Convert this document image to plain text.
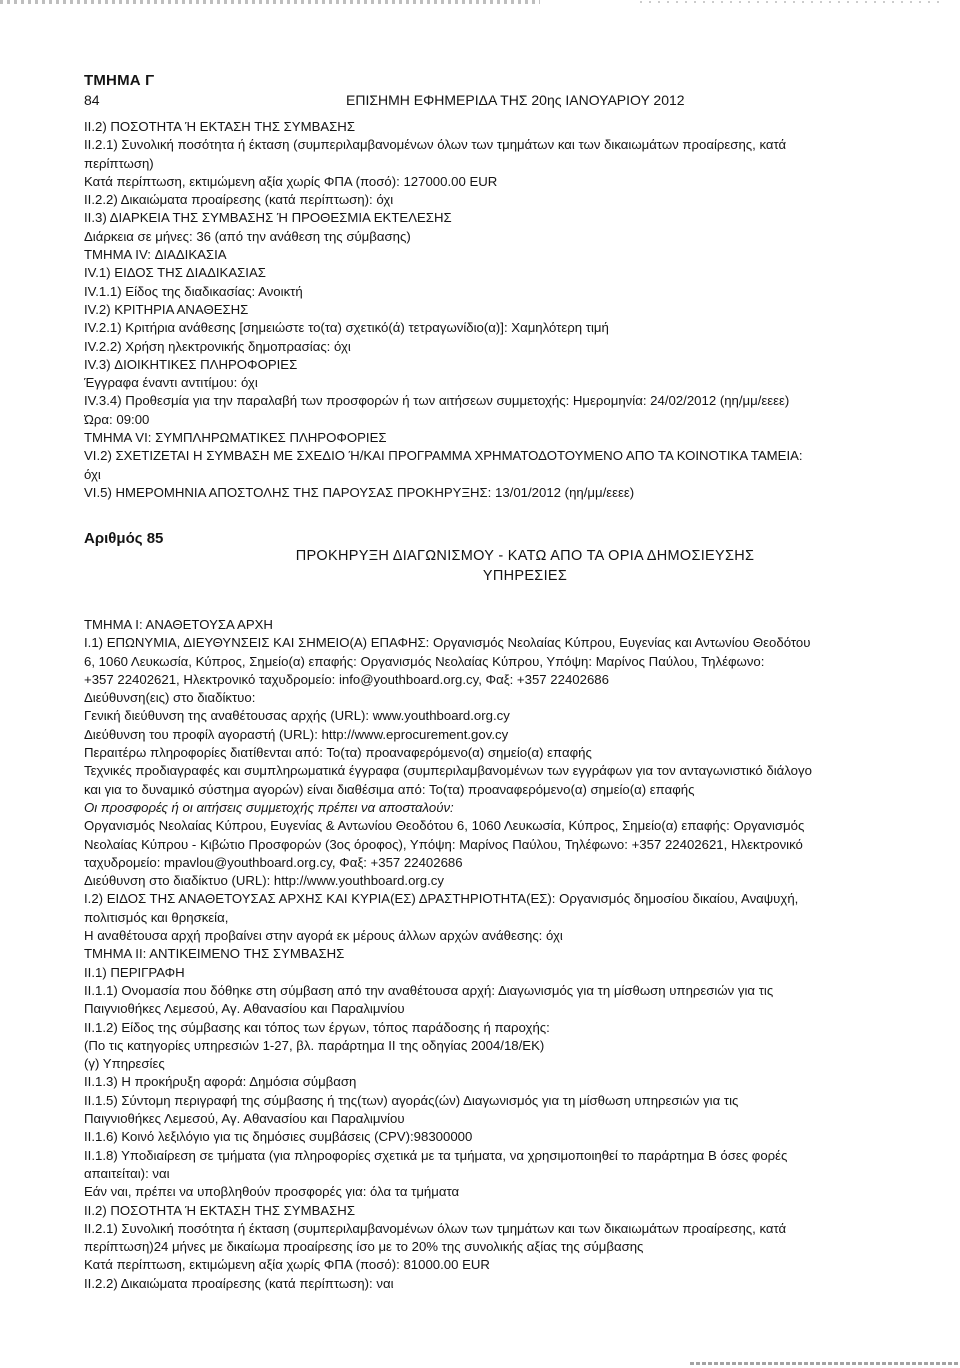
ΤΜΗΜΑ Γ
84	ΕΠΙΣΗΜΗ ΕΦΗΜΕΡΙΔΑ ΤΗΣ 20ης ΙΑΝΟΥΑΡΙΟΥ 2012
ΙΙ.2) ΠΟΣΟΤΗΤΑ Ή ΕΚΤΑΣΗ ΤΗΣ ΣΥΜΒΑΣΗΣ
ΙΙ.2.1) Συνολική ποσότητα ή έκταση (συμπεριλαμβανομένων όλων των τμημάτων και των δικαιωμάτων προαίρεσης, κατά
περίπτωση)
Κατά περίπτωση, εκτιμώμενη αξία χωρίς ΦΠΑ (ποσό): 127000.00 EUR
ΙΙ.2.2) Δικαιώματα προαίρεσης (κατά περίπτωση): όχι
ΙΙ.3) ΔΙΑΡΚΕΙΑ ΤΗΣ ΣΥΜΒΑΣΗΣ Ή ΠΡΟΘΕΣΜΙΑ ΕΚΤΕΛΕΣΗΣ
Διάρκεια σε μήνες: 36 (από την ανάθεση της σύμβασης)
ΤΜΗΜΑ IV: ΔΙΑΔΙΚΑΣΙΑ
IV.1) ΕΙΔΟΣ ΤΗΣ ΔΙΑΔΙΚΑΣΙΑΣ
IV.1.1) Είδος της διαδικασίας: Ανοικτή
IV.2) ΚΡΙΤΗΡΙΑ ΑΝΑΘΕΣΗΣ
IV.2.1) Κριτήρια ανάθεσης [σημειώστε το(τα) σχετικό(ά) τετραγωνίδιο(α)]: Χαμηλότερη τιμή
IV.2.2) Χρήση ηλεκτρονικής δημοπρασίας: όχι
IV.3) ΔΙΟΙΚΗΤΙΚΕΣ ΠΛΗΡΟΦΟΡΙΕΣ
Έγγραφα έναντι αντιτίμου: όχι
IV.3.4) Προθεσμία για την παραλαβή των προσφορών ή των αιτήσεων συμμετοχής: Ημερομηνία: 24/02/2012 (ηη/μμ/εεεε)
Ώρα: 09:00
ΤΜΗΜΑ VI: ΣΥΜΠΛΗΡΩΜΑΤΙΚΕΣ ΠΛΗΡΟΦΟΡΙΕΣ
VI.2) ΣΧΕΤΙΖΕΤΑΙ Η ΣΥΜΒΑΣΗ ΜΕ ΣΧΕΔΙΟ Ή/ΚΑΙ ΠΡΟΓΡΑΜΜΑ ΧΡΗΜΑΤΟΔΟΤΟΥΜΕΝΟ ΑΠΟ ΤΑ ΚΟΙΝΟΤΙΚΑ ΤΑΜΕΙΑ:
όχι
VI.5) ΗΜΕΡΟΜΗΝΙΑ ΑΠΟΣΤΟΛΗΣ ΤΗΣ ΠΑΡΟΥΣΑΣ ΠΡΟΚΗΡΥΞΗΣ: 13/01/2012 (ηη/μμ/εεεε)
Αριθμός 85
ΠΡΟΚΗΡΥΞΗ ΔΙΑΓΩΝΙΣΜΟΥ - ΚΑΤΩ ΑΠΟ ΤΑ ΟΡΙΑ ΔΗΜΟΣΙΕΥΣΗΣ
ΥΠΗΡΕΣΙΕΣ
ΤΜΗΜΑ Ι: ΑΝΑΘΕΤΟΥΣΑ ΑΡΧΗ
Ι.1) ΕΠΩΝΥΜΙΑ, ΔΙΕΥΘΥΝΣΕΙΣ ΚΑΙ ΣΗΜΕΙΟ(Α) ΕΠΑΦΗΣ: Οργανισμός Νεολαίας Κύπρου, Ευγενίας και Αντωνίου Θεοδότου
6, 1060 Λευκωσία, Κύπρος, Σημείο(α) επαφής: Οργανισμός Νεολαίας Κύπρου, Υπόψη: Μαρίνος Παύλου, Τηλέφωνο:
+357 22402621, Ηλεκτρονικό ταχυδρομείο: info@youthboard.org.cy, Φαξ: +357 22402686
Διεύθυνση(εις) στο διαδίκτυο:
Γενική διεύθυνση της αναθέτουσας αρχής (URL): www.youthboard.org.cy
Διεύθυνση του προφίλ αγοραστή (URL): http://www.eprocurement.gov.cy
Περαιτέρω πληροφορίες διατίθενται από: Το(τα) προαναφερόμενο(α) σημείο(α) επαφής
Τεχνικές προδιαγραφές και συμπληρωματικά έγγραφα (συμπεριλαμβανομένων των εγγράφων για τον ανταγωνιστικό διάλογο
και για το δυναμικό σύστημα αγορών) είναι διαθέσιμα από: Το(τα) προαναφερόμενο(α) σημείο(α) επαφής
Οι προσφορές ή οι αιτήσεις συμμετοχής πρέπει να αποσταλούν:
Οργανισμός Νεολαίας Κύπρου, Ευγενίας & Αντωνίου Θεοδότου 6, 1060 Λευκωσία, Κύπρος, Σημείο(α) επαφής: Οργανισμός
Νεολαίας Κύπρου - Κιβώτιο Προσφορών (3ος όροφος), Υπόψη: Μαρίνος Παύλου, Τηλέφωνο: +357 22402621, Ηλεκτρονικό
ταχυδρομείο: mpavlou@youthboard.org.cy, Φαξ: +357 22402686
Διεύθυνση στο διαδίκτυο (URL): http://www.youthboard.org.cy
Ι.2) ΕΙΔΟΣ ΤΗΣ ΑΝΑΘΕΤΟΥΣΑΣ ΑΡΧΗΣ ΚΑΙ ΚΥΡΙΑ(ΕΣ) ΔΡΑΣΤΗΡΙΟΤΗΤΑ(ΕΣ): Οργανισμός δημοσίου δικαίου, Αναψυχή,
πολιτισμός και θρησκεία,
Η αναθέτουσα αρχή προβαίνει στην αγορά εκ μέρους άλλων αρχών ανάθεσης: όχι
ΤΜΗΜΑ ΙΙ: ΑΝΤΙΚΕΙΜΕΝΟ ΤΗΣ ΣΥΜΒΑΣΗΣ
ΙΙ.1) ΠΕΡΙΓΡΑΦΗ
ΙΙ.1.1) Ονομασία που δόθηκε στη σύμβαση από την αναθέτουσα αρχή: Διαγωνισμός για τη μίσθωση υπηρεσιών για τις
Παιγνιοθήκες Λεμεσού, Αγ. Αθανασίου και Παραλιμνίου
ΙΙ.1.2) Είδος της σύμβασης και τόπος των έργων, τόπος παράδοσης ή παροχής:
(Πο τις κατηγορίες υπηρεσιών 1-27, βλ. παράρτημα ΙΙ της οδηγίας 2004/18/ΕΚ)
(γ) Υπηρεσίες
ΙΙ.1.3) Η προκήρυξη αφορά: Δημόσια σύμβαση
ΙΙ.1.5) Σύντομη περιγραφή της σύμβασης ή της(των) αγοράς(ών) Διαγωνισμός για τη μίσθωση υπηρεσιών για τις
Παιγνιοθήκες Λεμεσού, Αγ. Αθανασίου και Παραλιμνίου
ΙΙ.1.6) Κοινό λεξιλόγιο για τις δημόσιες συμβάσεις (CPV):98300000
ΙΙ.1.8) Υποδιαίρεση σε τμήματα (για πληροφορίες σχετικά με τα τμήματα, να χρησιμοποιηθεί το παράρτημα Β όσες φορές
απαιτείται): ναι
Εάν ναι, πρέπει να υποβληθούν προσφορές για: όλα τα τμήματα
ΙΙ.2) ΠΟΣΟΤΗΤΑ Ή ΕΚΤΑΣΗ ΤΗΣ ΣΥΜΒΑΣΗΣ
ΙΙ.2.1) Συνολική ποσότητα ή έκταση (συμπεριλαμβανομένων όλων των τμημάτων και των δικαιωμάτων προαίρεσης, κατά
περίπτωση)24 μήνες με δικαίωμα προαίρεσης ίσο με το 20% της συνολικής αξίας της σύμβασης
Κατά περίπτωση, εκτιμώμενη αξία χωρίς ΦΠΑ (ποσό): 81000.00 EUR
ΙΙ.2.2) Δικαιώματα προαίρεσης (κατά περίπτωση): ναι
